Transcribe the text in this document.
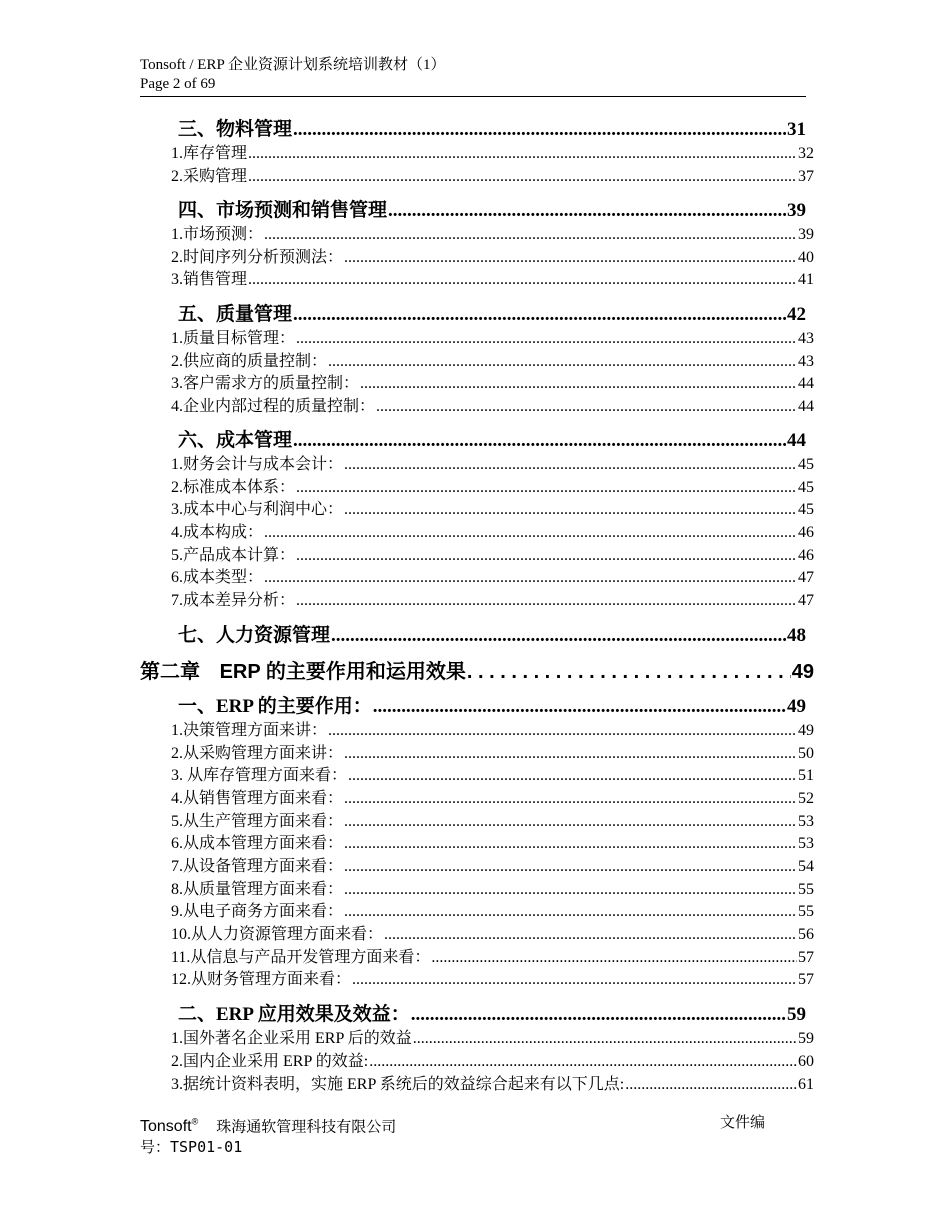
Tonsoft / ERP 企业资源计划系统培训教材（1）
Page 2 of 69
三、物料管理 .....	31
1.库存管理 .....	32
2.采购管理 .....	37
四、市场预测和销售管理 .....	39
1.市场预测： .....	39
2.时间序列分析预测法： .....	40
3.销售管理 .....	41
五、质量管理 .....	42
1.质量目标管理： .....	43
2.供应商的质量控制： .....	43
3.客户需求方的质量控制： .....	44
4.企业内部过程的质量控制： .....	44
六、成本管理 .....	44
1.财务会计与成本会计： .....	45
2.标准成本体系： .....	45
3.成本中心与利润中心： .....	45
4.成本构成： .....	46
5.产品成本计算： .....	46
6.成本类型： .....	47
7.成本差异分析： .....	47
七、人力资源管理 .....	48
第二章 ERP 的主要作用和运用效果 . . .	49
一、ERP 的主要作用： .....	49
1.决策管理方面来讲： .....	49
2.从采购管理方面来讲： .....	50
3. 从库存管理方面来看： .....	51
4.从销售管理方面来看： .....	52
5.从生产管理方面来看： .....	53
6.从成本管理方面来看： .....	53
7.从设备管理方面来看： .....	54
8.从质量管理方面来看： .....	55
9.从电子商务方面来看： .....	55
10.从人力资源管理方面来看： .....	56
11.从信息与产品开发管理方面来看： .....	57
12.从财务管理方面来看： .....	57
二、ERP 应用效果及效益： .....	59
1.国外著名企业采用 ERP 后的效益 .....	59
2.国内企业采用 ERP 的效益: .....	60
3.据统计资料表明，实施 ERP 系统后的效益综合起来有以下几点: .....	61
Tonsoft® 珠海通软管理科技有限公司
号：TSP01-01
文件编
